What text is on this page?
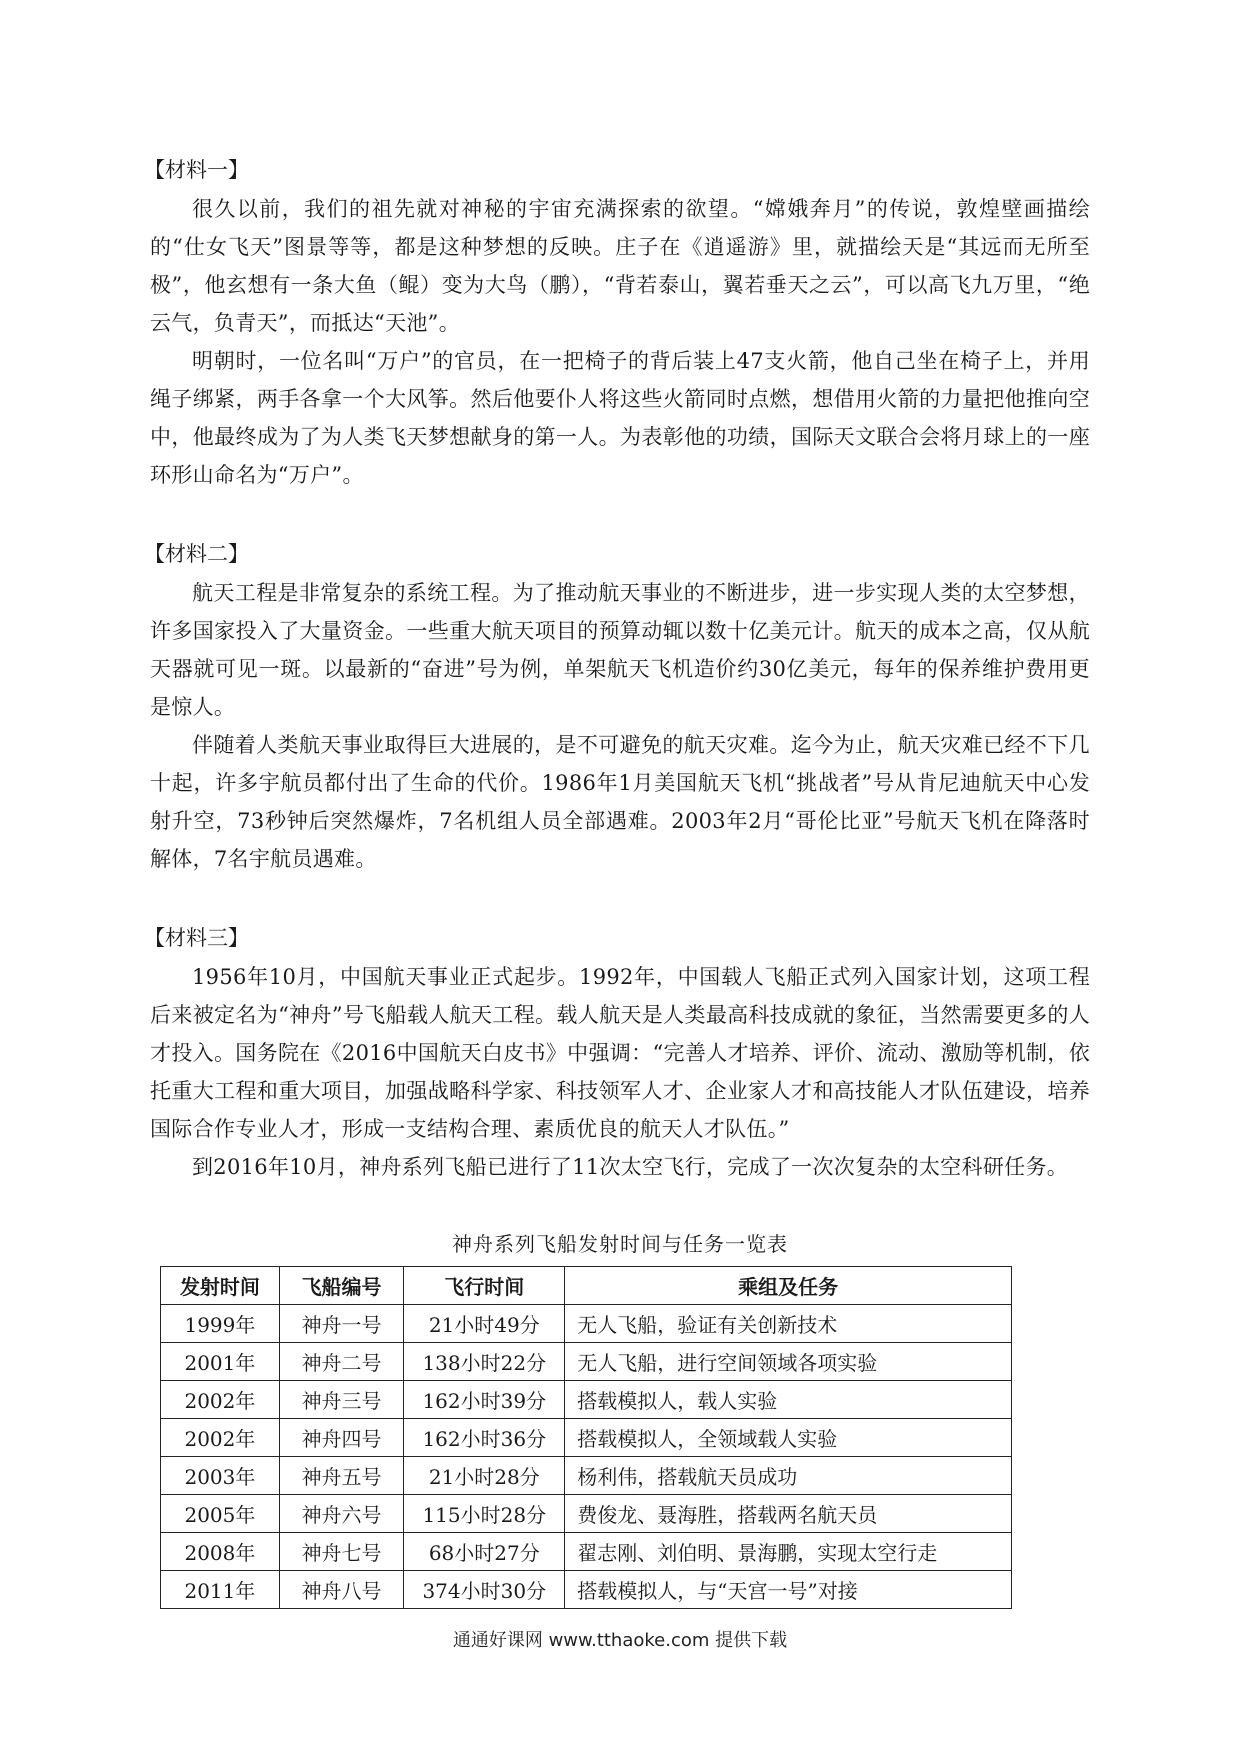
【材料一】

很久以前，我们的祖先就对神秘的宇宙充满探索的欲望。“嫦娥奔月”的传说，敦煌壁画描绘的“仕女飞天”图景等等，都是这种梦想的反映。庄子在《逍遥游》里，就描绘天是“其远而无所至极”，他玄想有一条大鱼（鲲）变为大鸟（鹏），“背若泰山，翼若垂天之云”，可以高飞九万里，“绝云气，负青天”，而抵达“天池”。

明朝时，一位名叫“万户”的官员，在一把椅子的背后装上47支火箭，他自己坐在椅子上，并用绳子绑紧，两手各拿一个大风筝。然后他要仆人将这些火箭同时点燃，想借用火箭的力量把他推向空中，他最终成为了为人类飞天梦想献身的第一人。为表彰他的功绩，国际天文联合会将月球上的一座环形山命名为“万户”。

【材料二】

航天工程是非常复杂的系统工程。为了推动航天事业的不断进步，进一步实现人类的太空梦想，许多国家投入了大量资金。一些重大航天项目的预算动辄以数十亿美元计。航天的成本之高，仅从航天器就可见一斑。以最新的“奋进”号为例，单架航天飞机造价约30亿美元，每年的保养维护费用更是惊人。

伴随着人类航天事业取得巨大进展的，是不可避免的航天灾难。迄今为止，航天灾难已经不下几十起，许多宇航员都付出了生命的代价。1986年1月美国航天飞机“挑战者”号从肯尼迪航天中心发射升空，73秒钟后突然爆炸，7名机组人员全部遇难。2003年2月“哥伦比亚”号航天飞机在降落时解体，7名宇航员遇难。

【材料三】

1956年10月，中国航天事业正式起步。1992年，中国载人飞船正式列入国家计划，这项工程后来被定名为“神舟”号飞船载人航天工程。载人航天是人类最高科技成就的象征，当然需要更多的人才投入。国务院在《2016中国航天白皮书》中强调：“完善人才培养、评价、流动、激励等机制，依托重大工程和重大项目，加强战略科学家、科技领军人才、企业家人才和高技能人才队伍建设，培养国际合作专业人才，形成一支结构合理、素质优良的航天人才队伍。”

到2016年10月，神舟系列飞船已进行了11次太空飞行，完成了一次次复杂的太空科研任务。

神舟系列飞船发射时间与任务一览表
发射时间	飞船编号	飞行时间	乘组及任务
1999年	神舟一号	21小时49分	无人飞船，验证有关创新技术
2001年	神舟二号	138小时22分	无人飞船，进行空间领域各项实验
2002年	神舟三号	162小时39分	搭载模拟人，载人实验
2002年	神舟四号	162小时36分	搭载模拟人，全领域载人实验
2003年	神舟五号	21小时28分	杨利伟，搭载航天员成功
2005年	神舟六号	115小时28分	费俊龙、聂海胜，搭载两名航天员
2008年	神舟七号	68小时27分	翟志刚、刘伯明、景海鹏，实现太空行走
2011年	神舟八号	374小时30分	搭载模拟人，与“天宫一号”对接
通通好课网 www.tthaoke.com 提供下载
